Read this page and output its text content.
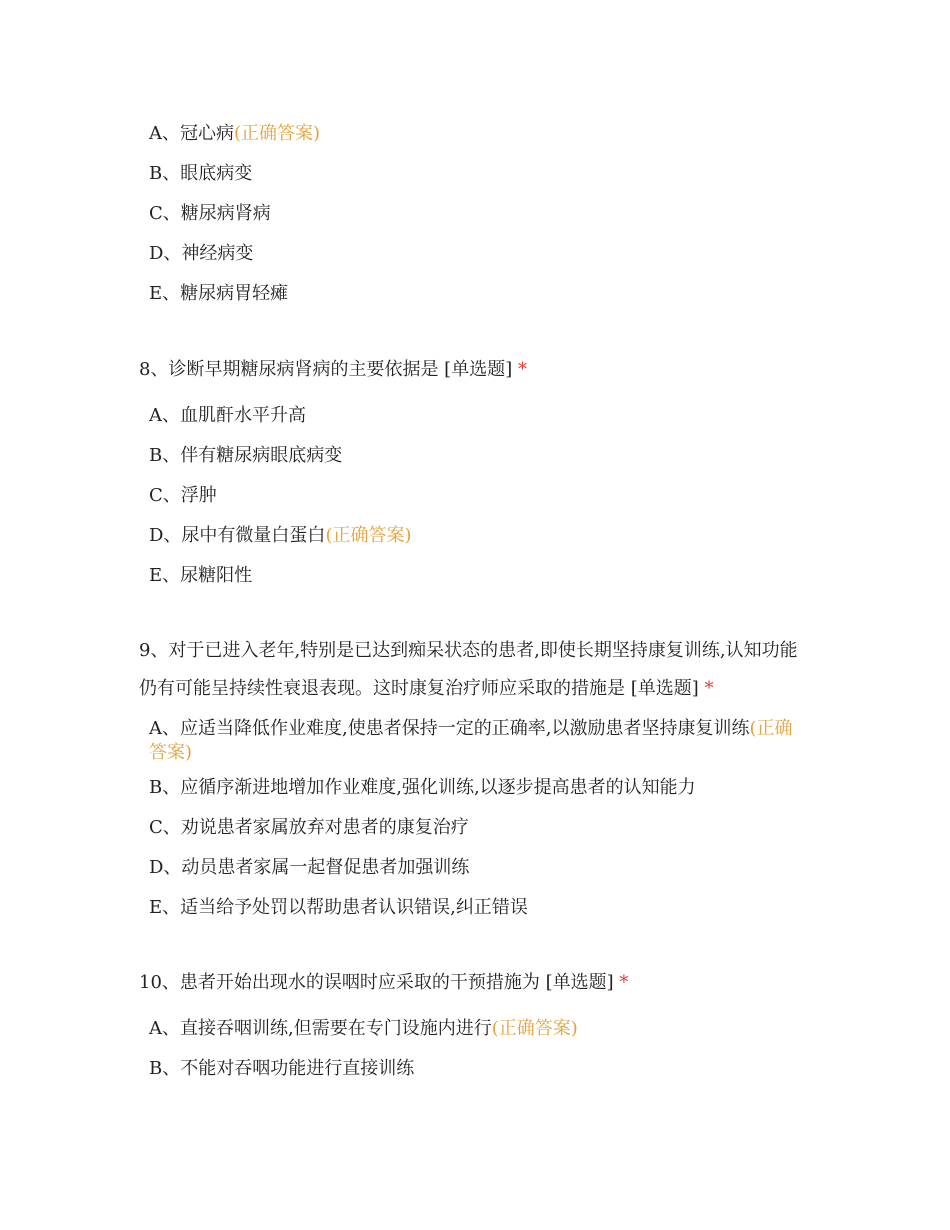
A、冠心病(正确答案)
B、眼底病变
C、糖尿病肾病
D、神经病变
E、糖尿病胃轻瘫
8、诊断早期糖尿病肾病的主要依据是 [单选题] *
A、血肌酐水平升高
B、伴有糖尿病眼底病变
C、浮肿
D、尿中有微量白蛋白(正确答案)
E、尿糖阳性
9、对于已进入老年,特别是已达到痴呆状态的患者,即使长期坚持康复训练,认知功能仍有可能呈持续性衰退表现。这时康复治疗师应采取的措施是 [单选题] *
A、应适当降低作业难度,使患者保持一定的正确率,以激励患者坚持康复训练(正确答案)
B、应循序渐进地增加作业难度,强化训练,以逐步提高患者的认知能力
C、劝说患者家属放弃对患者的康复治疗
D、动员患者家属一起督促患者加强训练
E、适当给予处罚以帮助患者认识错误,纠正错误
10、患者开始出现水的误咽时应采取的干预措施为 [单选题] *
A、直接吞咽训练,但需要在专门设施内进行(正确答案)
B、不能对吞咽功能进行直接训练
